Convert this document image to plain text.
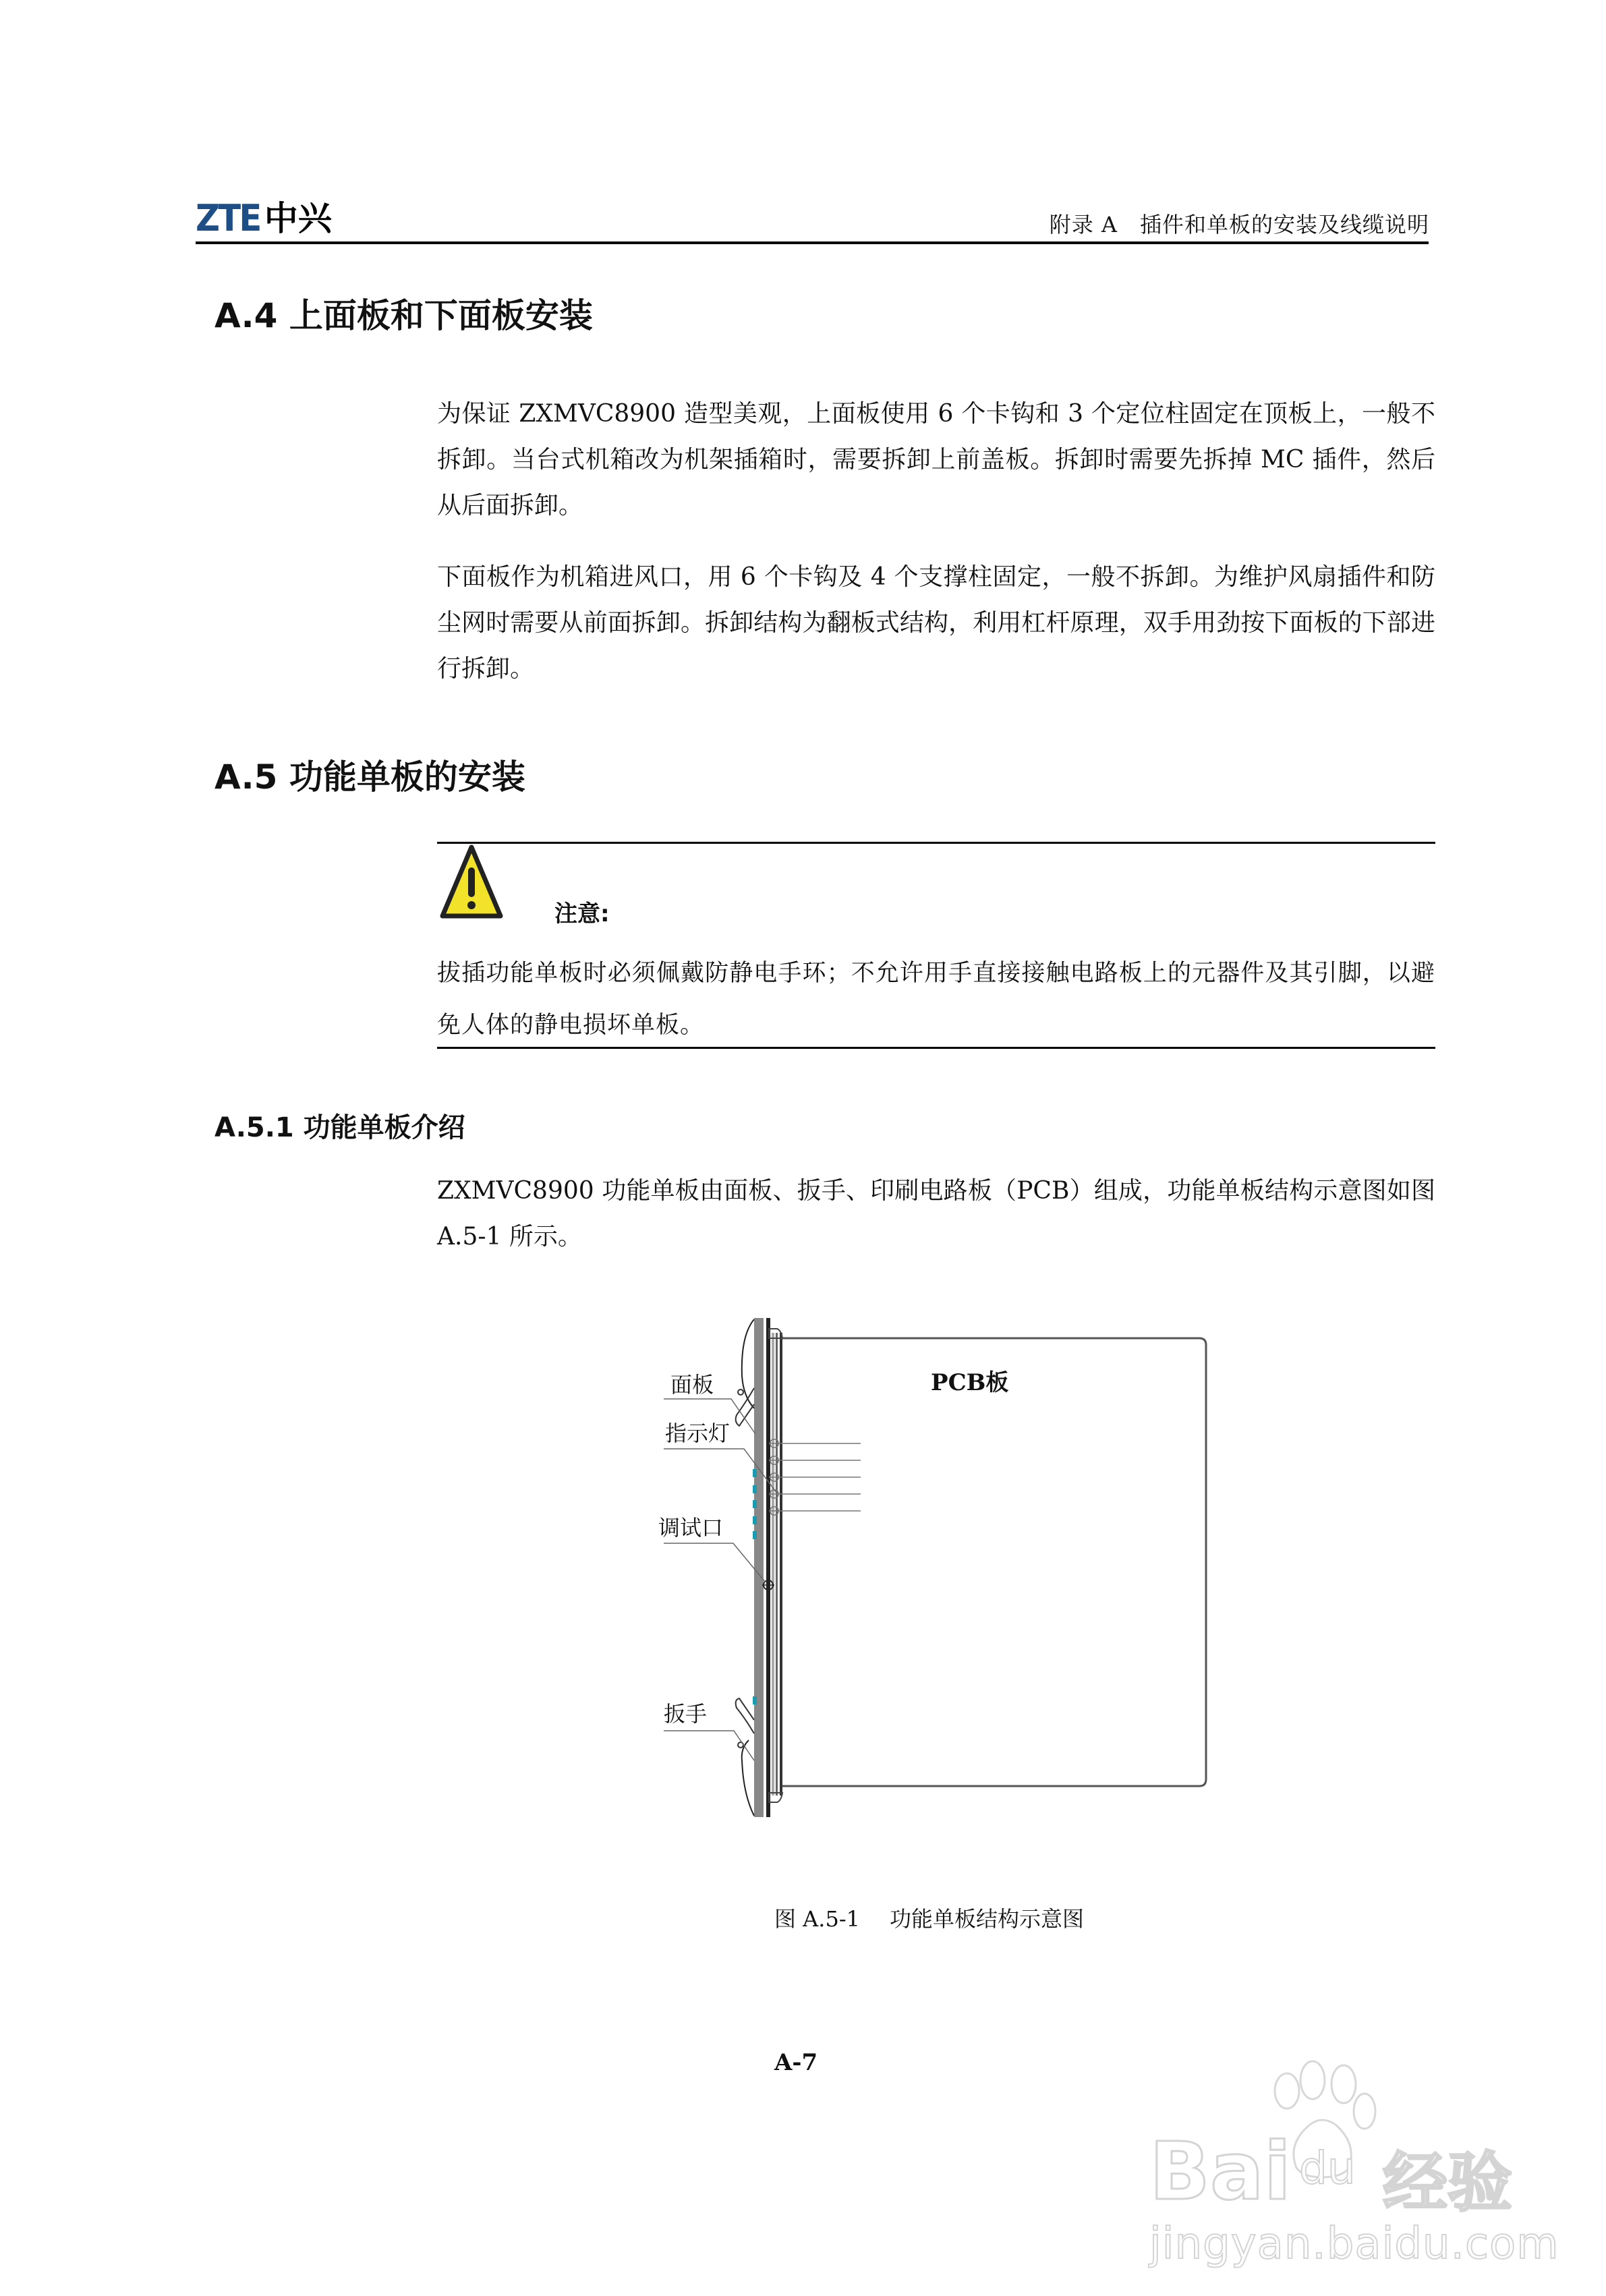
ZTE 中兴	附录 A　插件和单板的安装及线缆说明
A.4 上面板和下面板安装
为保证 ZXMVC8900 造型美观，上面板使用 6 个卡钩和 3 个定位柱固定在顶板上，一般不拆卸。当台式机箱改为机架插箱时，需要拆卸上前盖板。拆卸时需要先拆掉 MC 插件，然后从后面拆卸。
下面板作为机箱进风口，用 6 个卡钩及 4 个支撑柱固定，一般不拆卸。为维护风扇插件和防尘网时需要从前面拆卸。拆卸结构为翻板式结构，利用杠杆原理，双手用劲按下面板的下部进行拆卸。
A.5 功能单板的安装
注意:
拔插功能单板时必须佩戴防静电手环；不允许用手直接接触电路板上的元器件及其引脚，以避免人体的静电损坏单板。
A.5.1 功能单板介绍
ZXMVC8900 功能单板由面板、扳手、印刷电路板（PCB）组成，功能单板结构示意图如图 A.5-1 所示。
面板
指示灯
调试口
扳手
PCB板
图 A.5-1 功能单板结构示意图
A-7
Bai du 经验
jingyan.baidu.com
